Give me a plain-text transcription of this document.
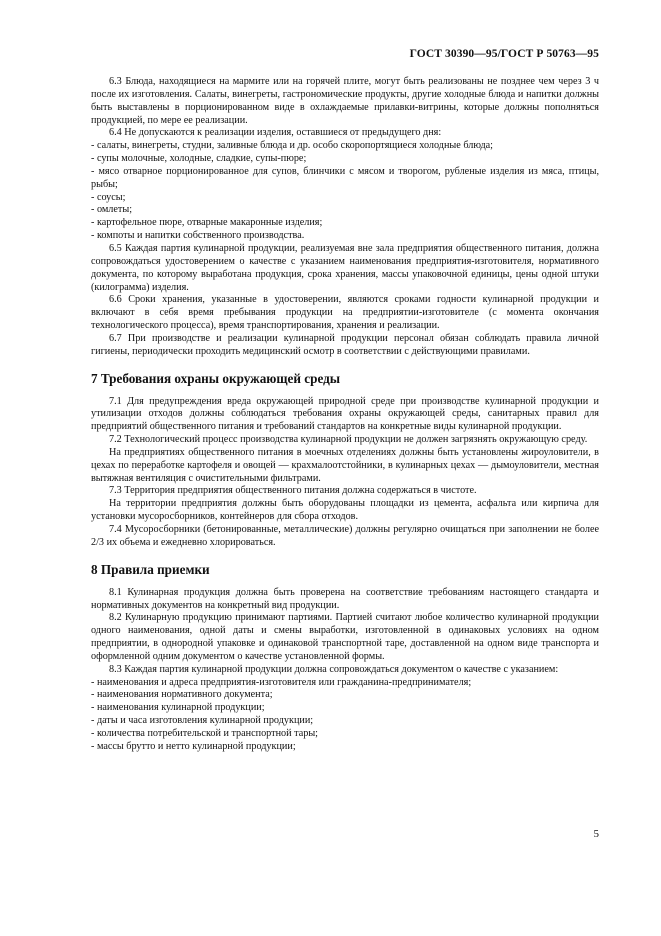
ГОСТ 30390—95/ГОСТ Р 50763—95

6.3 Блюда, находящиеся на мармите или на горячей плите, могут быть реализованы не позднее чем через 3 ч после их изготовления. Салаты, винегреты, гастрономические продукты, другие холодные блюда и напитки должны быть выставлены в порционированном виде в охлаждаемые прилавки-витрины, которые должны пополняться продукцией, по мере ее реализации.

6.4 Не допускаются к реализации изделия, оставшиеся от предыдущего дня:

- салаты, винегреты, студни, заливные блюда и др. особо скоропортящиеся холодные блюда;

- супы молочные, холодные, сладкие, супы-пюре;

- мясо отварное порционированное для супов, блинчики с мясом и творогом, рубленые изделия из мяса, птицы, рыбы;

- соусы;

- омлеты;

- картофельное пюре, отварные макаронные изделия;

- компоты и напитки собственного производства.

6.5 Каждая партия кулинарной продукции, реализуемая вне зала предприятия общественного питания, должна сопровождаться удостоверением о качестве с указанием наименования предприятия-изготовителя, нормативного документа, по которому выработана продукция, срока хранения, массы упаковочной единицы, цены одной штуки (килограмма) изделия.

6.6 Сроки хранения, указанные в удостоверении, являются сроками годности кулинарной продукции и включают в себя время пребывания продукции на предприятии-изготовителе (с момента окончания технологического процесса), время транспортирования, хранения и реализации.

6.7 При производстве и реализации кулинарной продукции персонал обязан соблюдать правила личной гигиены, периодически проходить медицинский осмотр в соответствии с действующими правилами.

7 Требования охраны окружающей среды

7.1 Для предупреждения вреда окружающей природной среде при производстве кулинарной продукции и утилизации отходов должны соблюдаться требования охраны окружающей среды, санитарных правил для предприятий общественного питания и требований стандартов на конкретные виды кулинарной продукции.

7.2 Технологический процесс производства кулинарной продукции не должен загрязнять окружающую среду.

На предприятиях общественного питания в моечных отделениях должны быть установлены жироуловители, в цехах по переработке картофеля и овощей — крахмалоотстойники, в кулинарных цехах — дымоуловители, местная вытяжная вентиляция с очистительными фильтрами.

7.3 Территория предприятия общественного питания должна содержаться в чистоте.

На территории предприятия должны быть оборудованы площадки из цемента, асфальта или кирпича для установки мусоросборников, контейнеров для сбора отходов.

7.4 Мусоросборники (бетонированные, металлические) должны регулярно очищаться при заполнении не более 2/3 их объема и ежедневно хлорироваться.

8 Правила приемки

8.1 Кулинарная продукция должна быть проверена на соответствие требованиям настоящего стандарта и нормативных документов на конкретный вид продукции.

8.2 Кулинарную продукцию принимают партиями. Партией считают любое количество кулинарной продукции одного наименования, одной даты и смены выработки, изготовленной в одинаковых условиях на одном предприятии, в однородной упаковке и одинаковой транспортной таре, доставленной на одном виде транспорта и оформленной одним документом о качестве установленной формы.

8.3 Каждая партия кулинарной продукции должна сопровождаться документом о качестве с указанием:

- наименования и адреса предприятия-изготовителя или гражданина-предпринимателя;

- наименования нормативного документа;

- наименования кулинарной продукции;

- даты и часа изготовления кулинарной продукции;

- количества потребительской и транспортной тары;

- массы брутто и нетто кулинарной продукции;

5
